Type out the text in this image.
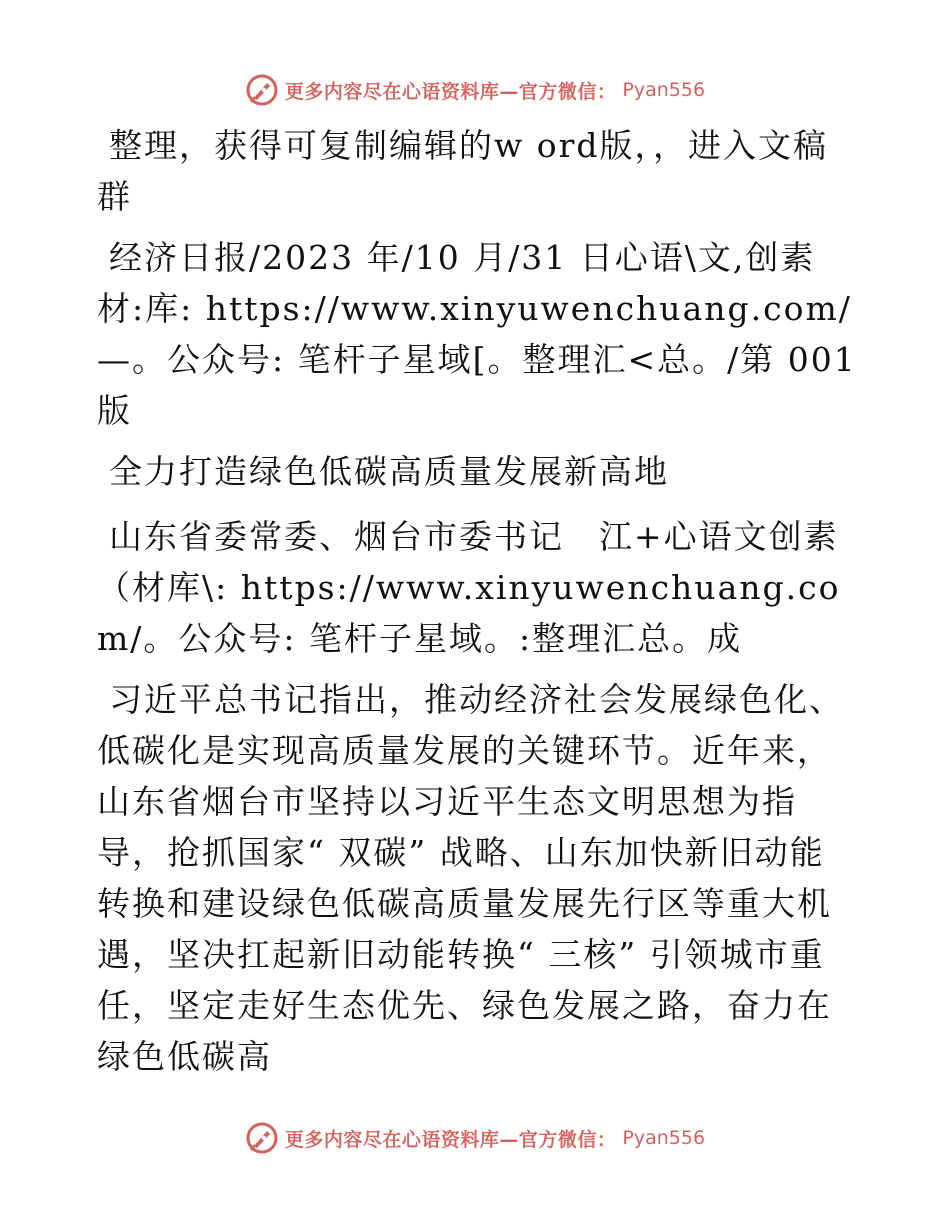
更多内容尽在心语资料库—官方微信： Pyan556

整理，获得可复制编辑的w ord版，，进入文稿群

经济日报/2023 年/10 月/31 日心语\文,创素材:库: https://www.xinyuwenchuang.com/—。公众号: 笔杆子星域[。整理汇<总。/第 001 版

全力打造绿色低碳高质量发展新高地

山东省委常委、烟台市委书记　江+心语文创素（材库\: https://www.xinyuwenchuang.com/。公众号: 笔杆子星域。:整理汇总。成

习近平总书记指出，推动经济社会发展绿色化、低碳化是实现高质量发展的关键环节。近年来，山东省烟台市坚持以习近平生态文明思想为指导，抢抓国家“ 双碳” 战略、山东加快新旧动能转换和建设绿色低碳高质量发展先行区等重大机遇，坚决扛起新旧动能转换“ 三核” 引领城市重任，坚定走好生态优先、绿色发展之路，奋力在绿色低碳高

更多内容尽在心语资料库—官方微信： Pyan556
